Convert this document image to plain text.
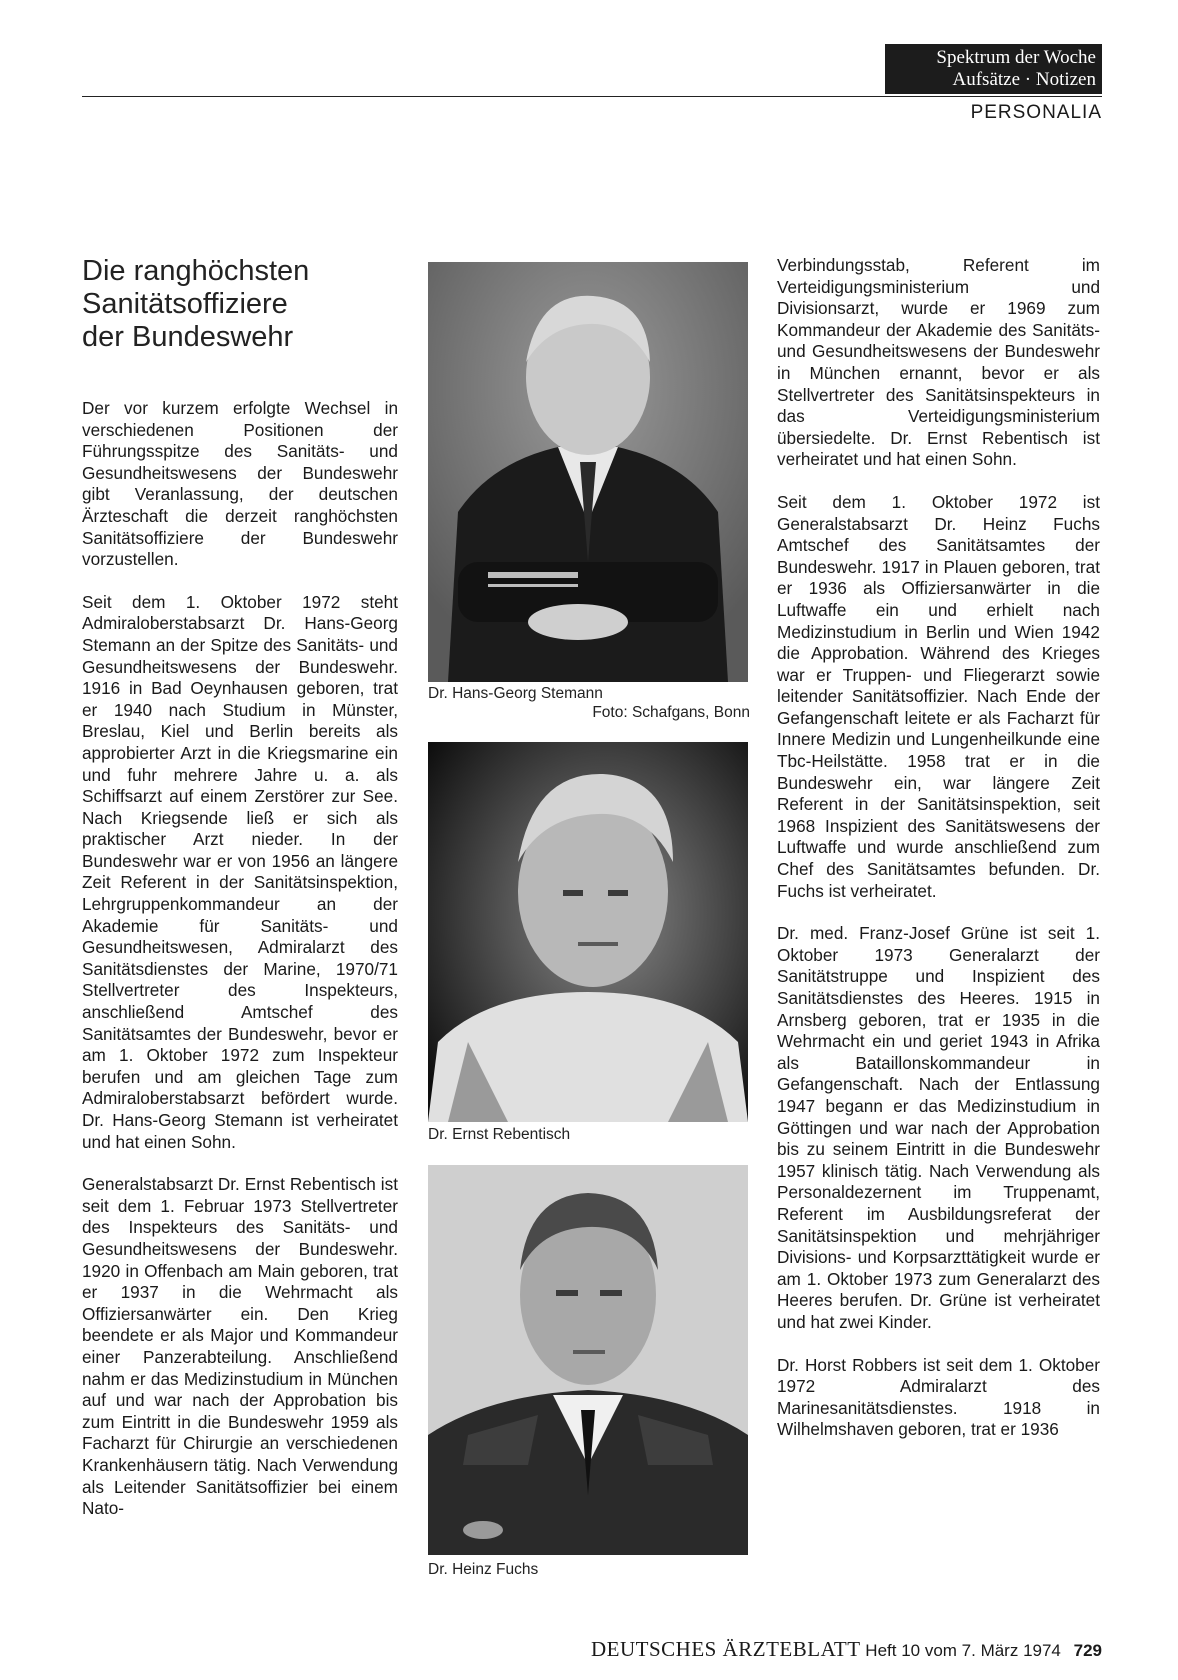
Spektrum der Woche
Aufsätze · Notizen
PERSONALIA
Die ranghöchsten
Sanitätsoffiziere
der Bundeswehr

Der vor kurzem erfolgte Wechsel in verschiedenen Positionen der Führungsspitze des Sanitäts- und Gesundheitswesens der Bundeswehr gibt Veranlassung, der deutschen Ärzteschaft die derzeit ranghöchsten Sanitätsoffiziere der Bundeswehr vorzustellen.

Seit dem 1. Oktober 1972 steht Admiraloberstabsarzt Dr. Hans-Georg Stemann an der Spitze des Sanitäts- und Gesundheitswesens der Bundeswehr. 1916 in Bad Oeynhausen geboren, trat er 1940 nach Studium in Münster, Breslau, Kiel und Berlin bereits als approbierter Arzt in die Kriegsmarine ein und fuhr mehrere Jahre u. a. als Schiffsarzt auf einem Zerstörer zur See. Nach Kriegsende ließ er sich als praktischer Arzt nieder. In der Bundeswehr war er von 1956 an längere Zeit Referent in der Sanitätsinspektion, Lehrgruppenkommandeur an der Akademie für Sanitäts- und Gesundheitswesen, Admiralarzt des Sanitätsdienstes der Marine, 1970/71 Stellvertreter des Inspekteurs, anschließend Amtschef des Sanitätsamtes der Bundeswehr, bevor er am 1. Oktober 1972 zum Inspekteur berufen und am gleichen Tage zum Admiraloberstabsarzt befördert wurde. Dr. Hans-Georg Stemann ist verheiratet und hat einen Sohn.

Generalstabsarzt Dr. Ernst Rebentisch ist seit dem 1. Februar 1973 Stellvertreter des Inspekteurs des Sanitäts- und Gesundheitswesens der Bundeswehr. 1920 in Offenbach am Main geboren, trat er 1937 in die Wehrmacht als Offiziersanwärter ein. Den Krieg beendete er als Major und Kommandeur einer Panzerabteilung. Anschließend nahm er das Medizinstudium in München auf und war nach der Approbation bis zum Eintritt in die Bundeswehr 1959 als Facharzt für Chirurgie an verschiedenen Krankenhäusern tätig. Nach Verwendung als Leitender Sanitätsoffizier bei einem Nato-

Dr. Hans-Georg Stemann
Foto: Schafgans, Bonn
Dr. Ernst Rebentisch
Dr. Heinz Fuchs

Verbindungsstab, Referent im Verteidigungsministerium und Divisionsarzt, wurde er 1969 zum Kommandeur der Akademie des Sanitäts- und Gesundheitswesens der Bundeswehr in München ernannt, bevor er als Stellvertreter des Sanitätsinspekteurs in das Verteidigungsministerium übersiedelte. Dr. Ernst Rebentisch ist verheiratet und hat einen Sohn.

Seit dem 1. Oktober 1972 ist Generalstabsarzt Dr. Heinz Fuchs Amtschef des Sanitätsamtes der Bundeswehr. 1917 in Plauen geboren, trat er 1936 als Offiziersanwärter in die Luftwaffe ein und erhielt nach Medizinstudium in Berlin und Wien 1942 die Approbation. Während des Krieges war er Truppen- und Fliegerarzt sowie leitender Sanitätsoffizier. Nach Ende der Gefangenschaft leitete er als Facharzt für Innere Medizin und Lungenheilkunde eine Tbc-Heilstätte. 1958 trat er in die Bundeswehr ein, war längere Zeit Referent in der Sanitätsinspektion, seit 1968 Inspizient des Sanitätswesens der Luftwaffe und wurde anschließend zum Chef des Sanitätsamtes befunden. Dr. Fuchs ist verheiratet.

Dr. med. Franz-Josef Grüne ist seit 1. Oktober 1973 Generalarzt der Sanitätstruppe und Inspizient des Sanitätsdienstes des Heeres. 1915 in Arnsberg geboren, trat er 1935 in die Wehrmacht ein und geriet 1943 in Afrika als Bataillonskommandeur in Gefangenschaft. Nach der Entlassung 1947 begann er das Medizinstudium in Göttingen und war nach der Approbation bis zu seinem Eintritt in die Bundeswehr 1957 klinisch tätig. Nach Verwendung als Personaldezernent im Truppenamt, Referent im Ausbildungsreferat der Sanitätsinspektion und mehrjähriger Divisions- und Korpsarzttätigkeit wurde er am 1. Oktober 1973 zum Generalarzt des Heeres berufen. Dr. Grüne ist verheiratet und hat zwei Kinder.

Dr. Horst Robbers ist seit dem 1. Oktober 1972 Admiralarzt des Marinesanitätsdienstes. 1918 in Wilhelmshaven geboren, trat er 1936

DEUTSCHES ÄRZTEBLATT Heft 10 vom 7. März 1974 729
